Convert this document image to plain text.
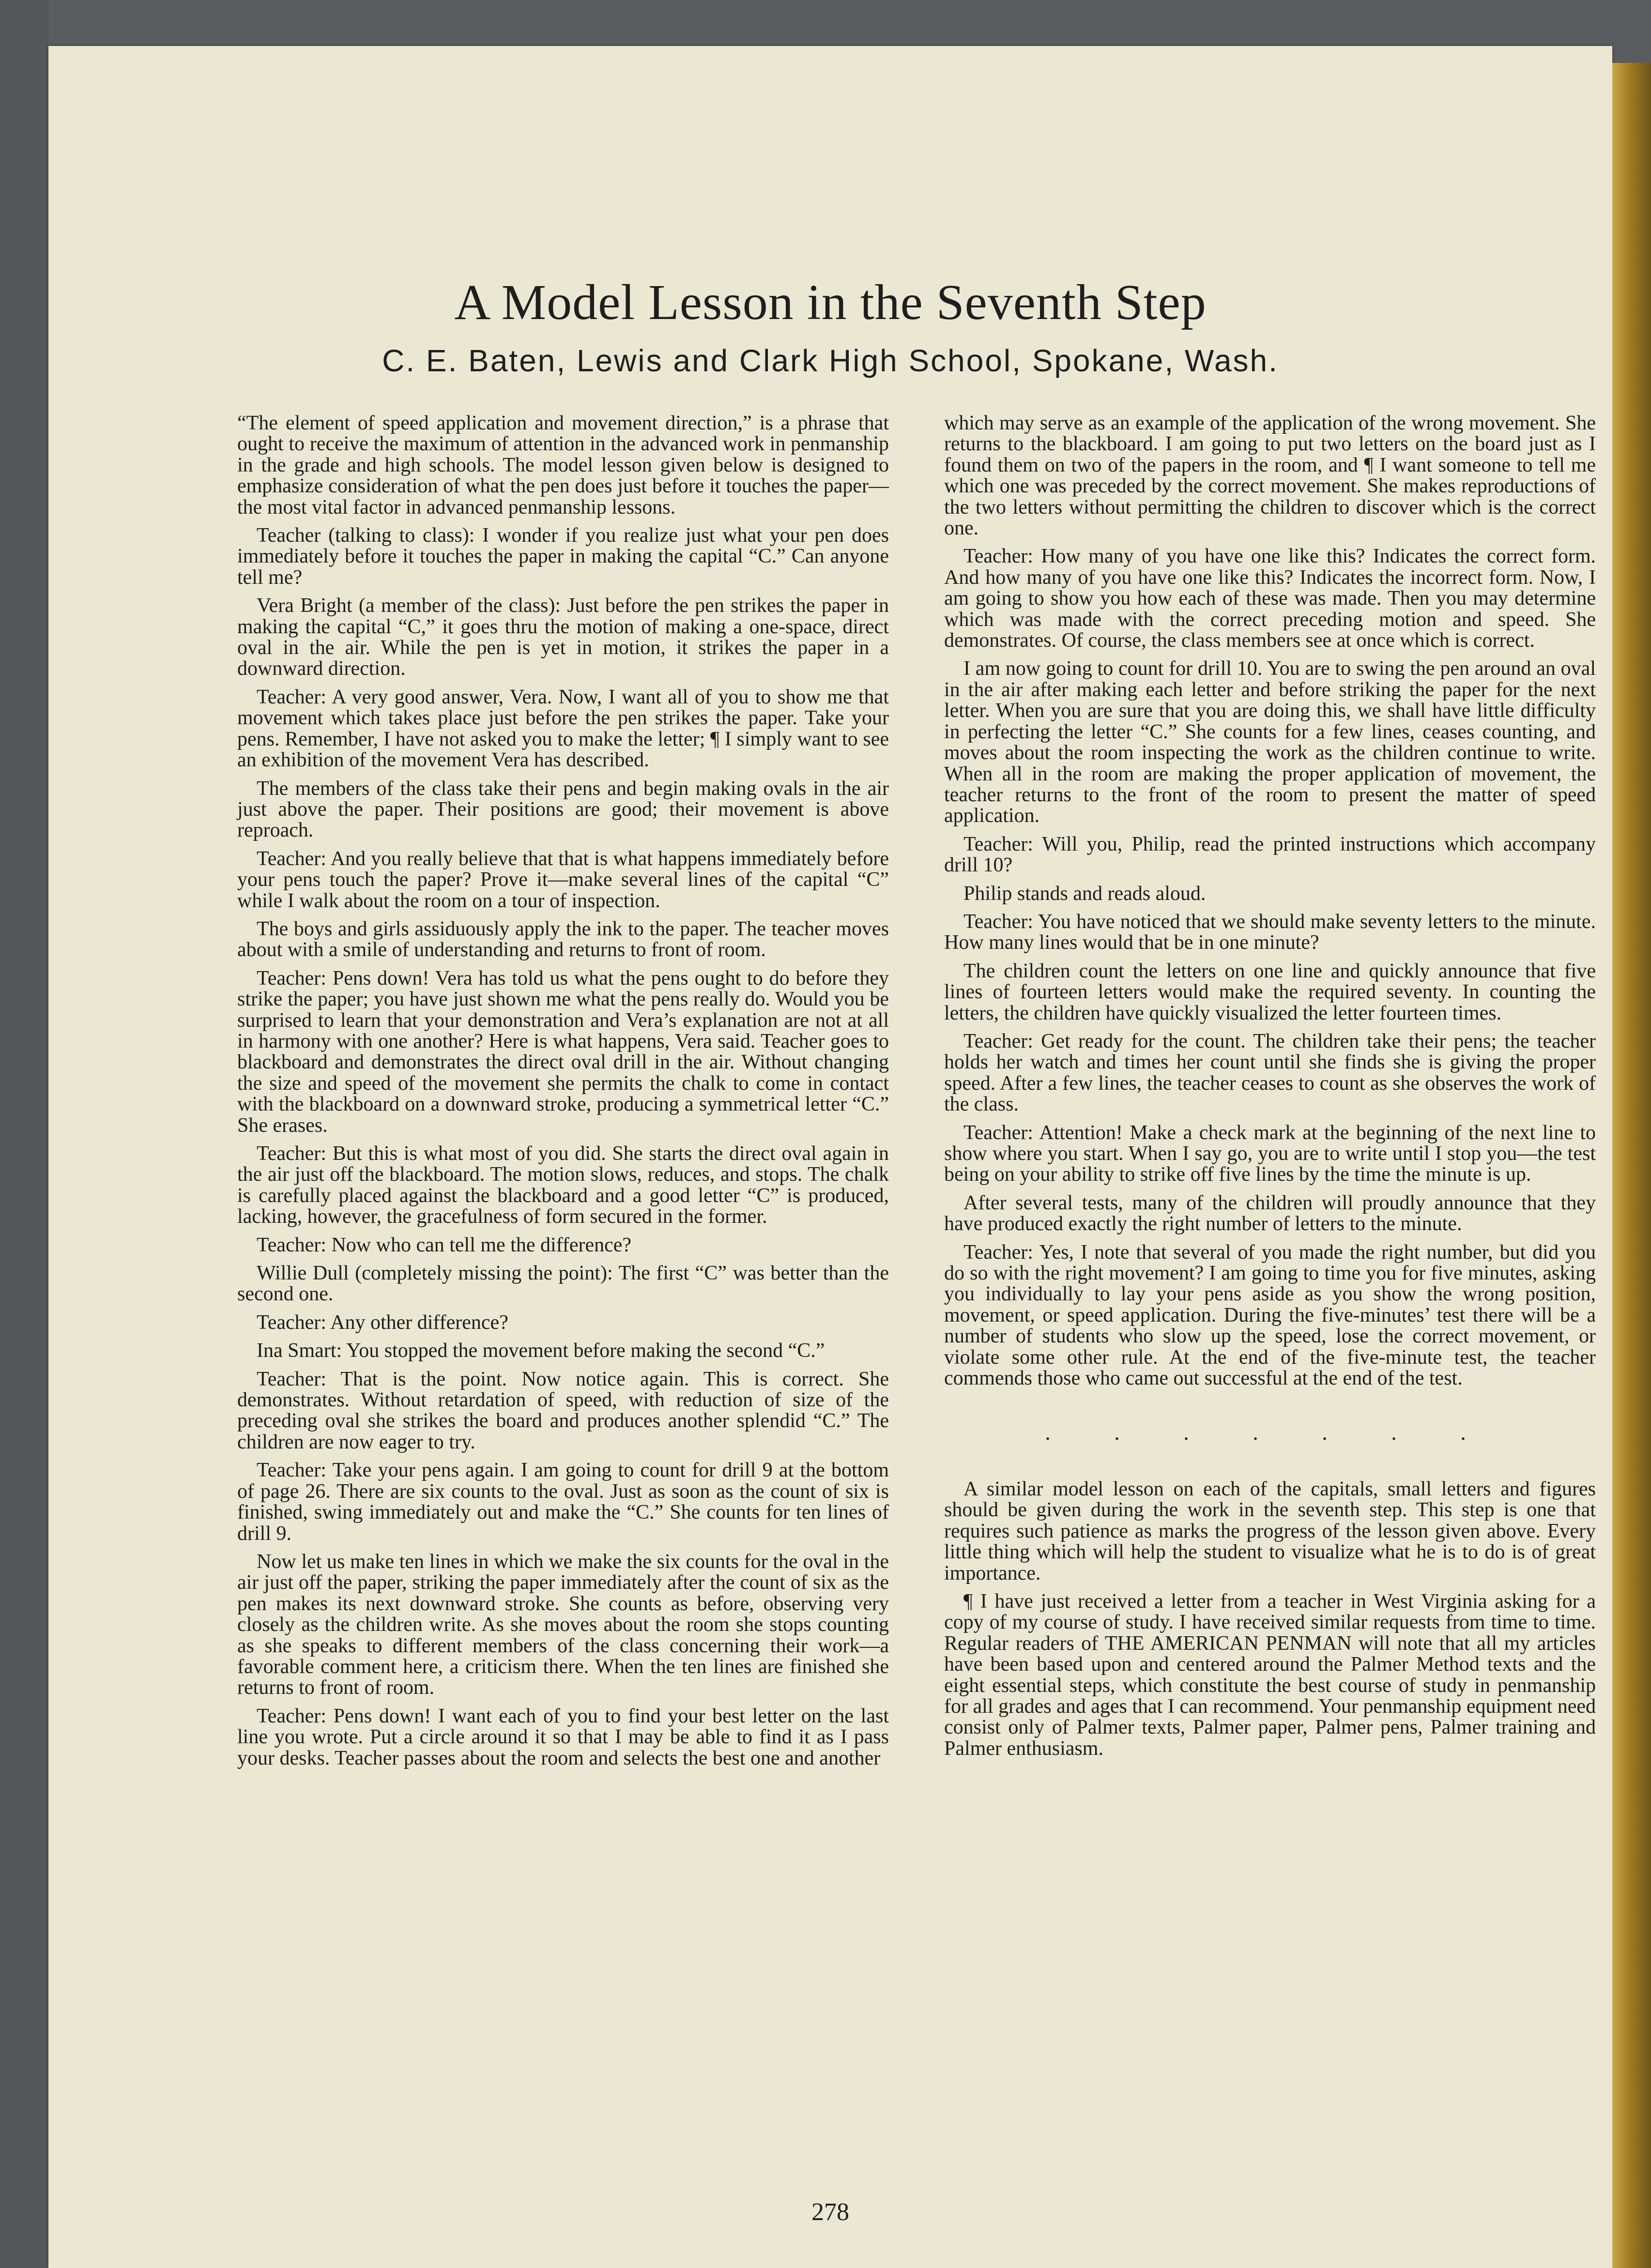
A Model Lesson in the Seventh Step
C. E. Baten, Lewis and Clark High School, Spokane, Wash.

“The element of speed application and movement direction,” is a phrase that ought to receive the maximum of attention in the advanced work in penmanship in the grade and high schools. The model lesson given below is designed to emphasize consideration of what the pen does just before it touches the paper—the most vital factor in advanced penmanship lessons.

Teacher (talking to class): I wonder if you realize just what your pen does immediately before it touches the paper in making the capital “C.” Can anyone tell me?

Vera Bright (a member of the class): Just before the pen strikes the paper in making the capital “C,” it goes thru the motion of making a one-space, direct oval in the air. While the pen is yet in motion, it strikes the paper in a downward direction.

Teacher: A very good answer, Vera. Now, I want all of you to show me that movement which takes place just before the pen strikes the paper. Take your pens. Remember, I have not asked you to make the letter; ¶ I simply want to see an exhibition of the movement Vera has described.

The members of the class take their pens and begin making ovals in the air just above the paper. Their positions are good; their movement is above reproach.

Teacher: And you really believe that that is what happens immediately before your pens touch the paper? Prove it—make several lines of the capital “C” while I walk about the room on a tour of inspection.

The boys and girls assiduously apply the ink to the paper. The teacher moves about with a smile of understanding and returns to front of room.

Teacher: Pens down! Vera has told us what the pens ought to do before they strike the paper; you have just shown me what the pens really do. Would you be surprised to learn that your demonstration and Vera’s explanation are not at all in harmony with one another? Here is what happens, Vera said. Teacher goes to blackboard and demonstrates the direct oval drill in the air. Without changing the size and speed of the movement she permits the chalk to come in contact with the blackboard on a downward stroke, producing a symmetrical letter “C.” She erases.

Teacher: But this is what most of you did. She starts the direct oval again in the air just off the blackboard. The motion slows, reduces, and stops. The chalk is carefully placed against the blackboard and a good letter “C” is produced, lacking, however, the gracefulness of form secured in the former.

Teacher: Now who can tell me the difference?

Willie Dull (completely missing the point): The first “C” was better than the second one.

Teacher: Any other difference?

Ina Smart: You stopped the movement before making the second “C.”

Teacher: That is the point. Now notice again. This is correct. She demonstrates. Without retardation of speed, with reduction of size of the preceding oval she strikes the board and produces another splendid “C.” The children are now eager to try.

Teacher: Take your pens again. I am going to count for drill 9 at the bottom of page 26. There are six counts to the oval. Just as soon as the count of six is finished, swing immediately out and make the “C.” She counts for ten lines of drill 9.

Now let us make ten lines in which we make the six counts for the oval in the air just off the paper, striking the paper immediately after the count of six as the pen makes its next downward stroke. She counts as before, observing very closely as the children write. As she moves about the room she stops counting as she speaks to different members of the class concerning their work—a favorable comment here, a criticism there. When the ten lines are finished she returns to front of room.

Teacher: Pens down! I want each of you to find your best letter on the last line you wrote. Put a circle around it so that I may be able to find it as I pass your desks. Teacher passes about the room and selects the best one and another

which may serve as an example of the application of the wrong movement. She returns to the blackboard. I am going to put two letters on the board just as I found them on two of the papers in the room, and ¶ I want someone to tell me which one was preceded by the correct movement. She makes reproductions of the two letters without permitting the children to discover which is the correct one.

Teacher: How many of you have one like this? Indicates the correct form. And how many of you have one like this? Indicates the incorrect form. Now, I am going to show you how each of these was made. Then you may determine which was made with the correct preceding motion and speed. She demonstrates. Of course, the class members see at once which is correct.

I am now going to count for drill 10. You are to swing the pen around an oval in the air after making each letter and before striking the paper for the next letter. When you are sure that you are doing this, we shall have little difficulty in perfecting the letter “C.” She counts for a few lines, ceases counting, and moves about the room inspecting the work as the children continue to write. When all in the room are making the proper application of movement, the teacher returns to the front of the room to present the matter of speed application.

Teacher: Will you, Philip, read the printed instructions which accompany drill 10?

Philip stands and reads aloud.

Teacher: You have noticed that we should make seventy letters to the minute. How many lines would that be in one minute?

The children count the letters on one line and quickly announce that five lines of fourteen letters would make the required seventy. In counting the letters, the children have quickly visualized the letter fourteen times.

Teacher: Get ready for the count. The children take their pens; the teacher holds her watch and times her count until she finds she is giving the proper speed. After a few lines, the teacher ceases to count as she observes the work of the class.

Teacher: Attention! Make a check mark at the beginning of the next line to show where you start. When I say go, you are to write until I stop you—the test being on your ability to strike off five lines by the time the minute is up.

After several tests, many of the children will proudly announce that they have produced exactly the right number of letters to the minute.

Teacher: Yes, I note that several of you made the right number, but did you do so with the right movement? I am going to time you for five minutes, asking you individually to lay your pens aside as you show the wrong position, movement, or speed application. During the five-minutes’ test there will be a number of students who slow up the speed, lose the correct movement, or violate some other rule. At the end of the five-minute test, the teacher commends those who came out successful at the end of the test.

. . . . . . .

A similar model lesson on each of the capitals, small letters and figures should be given during the work in the seventh step. This step is one that requires such patience as marks the progress of the lesson given above. Every little thing which will help the student to visualize what he is to do is of great importance.

¶ I have just received a letter from a teacher in West Virginia asking for a copy of my course of study. I have received similar requests from time to time. Regular readers of THE AMERICAN PENMAN will note that all my articles have been based upon and centered around the Palmer Method texts and the eight essential steps, which constitute the best course of study in penmanship for all grades and ages that I can recommend. Your penmanship equipment need consist only of Palmer texts, Palmer paper, Palmer pens, Palmer training and Palmer enthusiasm.

278
